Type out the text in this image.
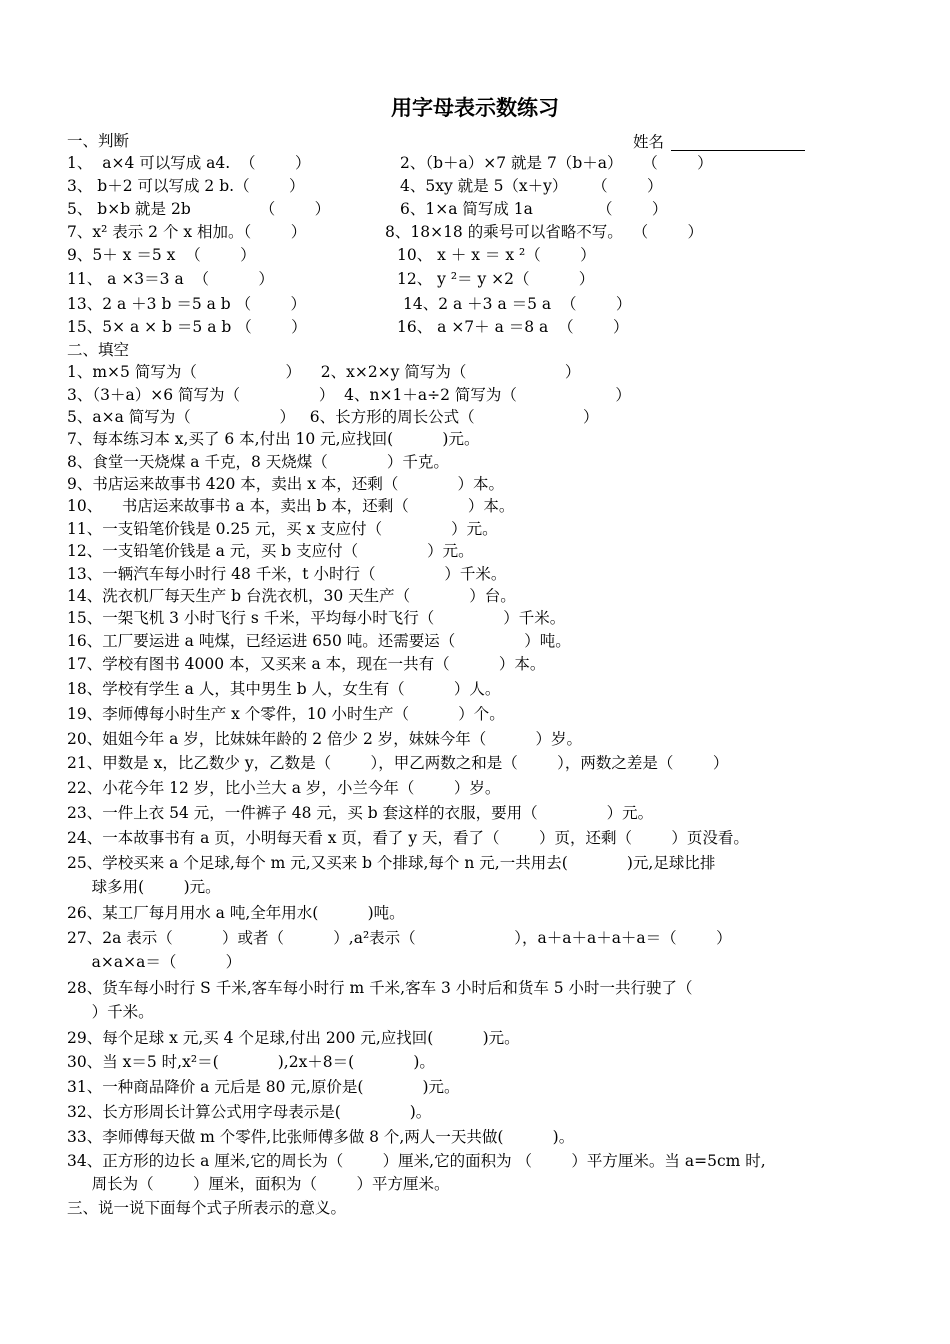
用字母表示数练习
一、判断	姓名
1、  a×4 可以写成 a4.  （        ）	2、（b＋a）×7 就是 7（b＋a）    （        ）
3、 b＋2 可以写成 2 b.（        ）	4、5xy 就是 5（x＋y）     （        ）
5、 b×b 就是 2b              （        ）	6、1×a 简写成 1a             （        ）
7、x² 表示 2 个 x 相加。（        ）	8、18×18 的乘号可以省略不写。  （        ）
9、5＋ x ＝5 x  （        ）	10、 x ＋ x ＝ x ²（        ）
11、 a ×3＝3 a  （          ）	12、 y ²＝ y ×2（          ）
13、2 a ＋3 b ＝5 a b （        ）	14、2 a ＋3 a ＝5 a  （        ）
15、5× a × b ＝5 a b （        ）	16、 a ×7＋ a ＝8 a  （        ）
二、填空
1、m×5 简写为（                  ）    2、x×2×y 简写为（                    ）
3、（3＋a）×6 简写为（                ）  4、n×1＋a÷2 简写为（                    ）
5、a×a 简写为（                  ）   6、长方形的周长公式（                      ）
7、每本练习本 x,买了 6 本,付出 10 元,应找回(          )元。
8、食堂一天烧煤 a 千克，8 天烧煤（            ）千克。
9、书店运来故事书 420 本，卖出 x 本，还剩（            ）本。
10、    书店运来故事书 a 本，卖出 b 本，还剩（            ）本。
11、一支铅笔价钱是 0.25 元，买 x 支应付（              ）元。
12、一支铅笔价钱是 a 元，买 b 支应付（              ）元。
13、一辆汽车每小时行 48 千米，t 小时行（              ）千米。
14、洗衣机厂每天生产 b 台洗衣机，30 天生产（            ）台。
15、一架飞机 3 小时飞行 s 千米，平均每小时飞行（              ）千米。
16、工厂要运进 a 吨煤，已经运进 650 吨。还需要运（              ）吨。
17、学校有图书 4000 本，又买来 a 本，现在一共有（          ）本。
18、学校有学生 a 人，其中男生 b 人，女生有（          ）人。
19、李师傅每小时生产 x 个零件，10 小时生产（          ）个。
20、姐姐今年 a 岁，比妹妹年龄的 2 倍少 2 岁，妹妹今年（          ）岁。
21、甲数是 x，比乙数少 y，乙数是（        ），甲乙两数之和是（        ），两数之差是（        ）
22、小花今年 12 岁，比小兰大 a 岁，小兰今年（        ）岁。
23、一件上衣 54 元，一件裤子 48 元，买 b 套这样的衣服，要用（              ）元。
24、一本故事书有 a 页，小明每天看 x 页，看了 y 天，看了（        ）页，还剩（        ）页没看。
25、学校买来 a 个足球,每个 m 元,又买来 b 个排球,每个 n 元,一共用去(            )元,足球比排
球多用(        )元。
26、某工厂每月用水 a 吨,全年用水(          )吨。
27、2a 表示（          ）或者（          ）,a²表示（                    ），a＋a＋a＋a＋a＝（        ）
a×a×a＝（          ）
28、货车每小时行 S 千米,客车每小时行 m 千米,客车 3 小时后和货车 5 小时一共行驶了（
）千米。
29、每个足球 x 元,买 4 个足球,付出 200 元,应找回(          )元。
30、当 x＝5 时,x²＝(            ),2x＋8＝(            )。
31、一种商品降价 a 元后是 80 元,原价是(            )元。
32、长方形周长计算公式用字母表示是(              )。
33、李师傅每天做 m 个零件,比张师傅多做 8 个,两人一天共做(          )。
34、正方形的边长 a 厘米,它的周长为（        ）厘米,它的面积为 （        ）平方厘米。当 a=5cm 时,
周长为（        ）厘米，面积为（        ）平方厘米。
三、说一说下面每个式子所表示的意义。
